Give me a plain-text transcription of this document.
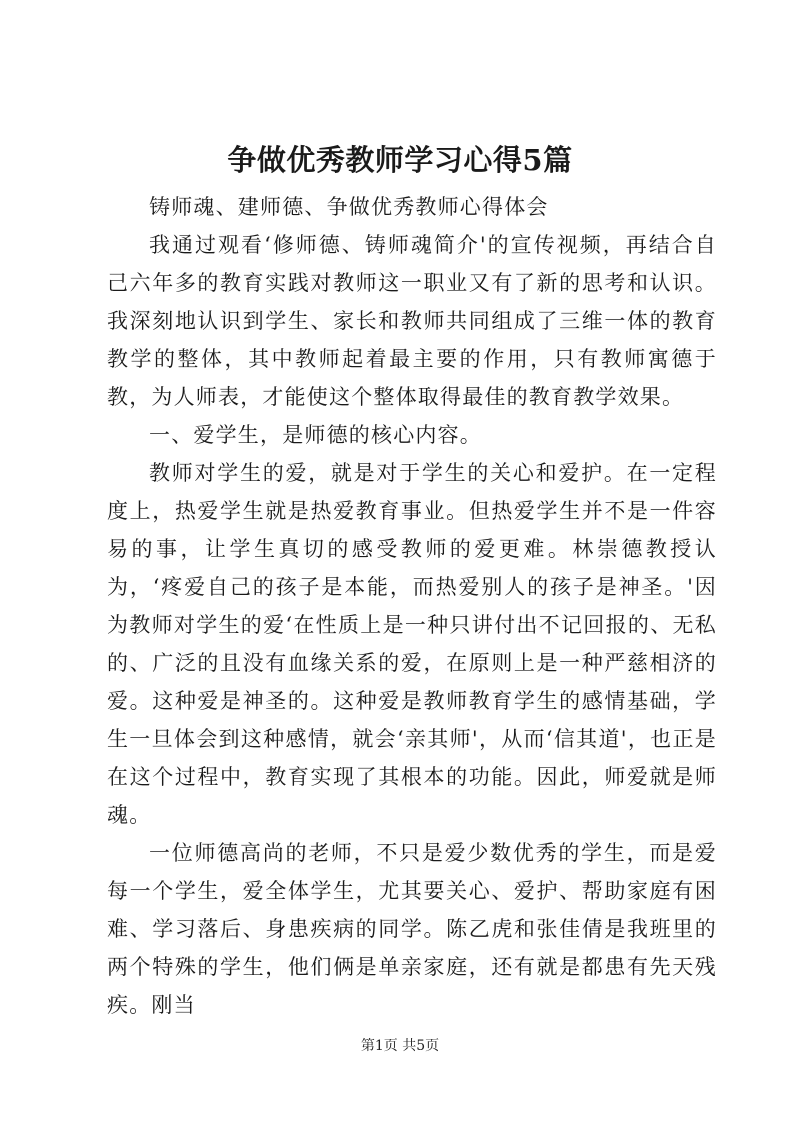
争做优秀教师学习心得5篇

铸师魂、建师德、争做优秀教师心得体会

我通过观看‘修师德、铸师魂简介'的宣传视频，再结合自己六年多的教育实践对教师这一职业又有了新的思考和认识。我深刻地认识到学生、家长和教师共同组成了三维一体的教育教学的整体，其中教师起着最主要的作用，只有教师寓德于教，为人师表，才能使这个整体取得最佳的教育教学效果。

一、爱学生，是师德的核心内容。

教师对学生的爱，就是对于学生的关心和爱护。在一定程度上，热爱学生就是热爱教育事业。但热爱学生并不是一件容易的事，让学生真切的感受教师的爱更难。林崇德教授认为，‘疼爱自己的孩子是本能，而热爱别人的孩子是神圣。'因为教师对学生的爱‘在性质上是一种只讲付出不记回报的、无私的、广泛的且没有血缘关系的爱，在原则上是一种严慈相济的爱。这种爱是神圣的。这种爱是教师教育学生的感情基础，学生一旦体会到这种感情，就会‘亲其师'，从而‘信其道'，也正是在这个过程中，教育实现了其根本的功能。因此，师爱就是师魂。

一位师德高尚的老师，不只是爱少数优秀的学生，而是爱每一个学生，爱全体学生，尤其要关心、爱护、帮助家庭有困难、学习落后、身患疾病的同学。陈乙虎和张佳倩是我班里的两个特殊的学生，他们俩是单亲家庭，还有就是都患有先天残疾。刚当

第1页 共5页
